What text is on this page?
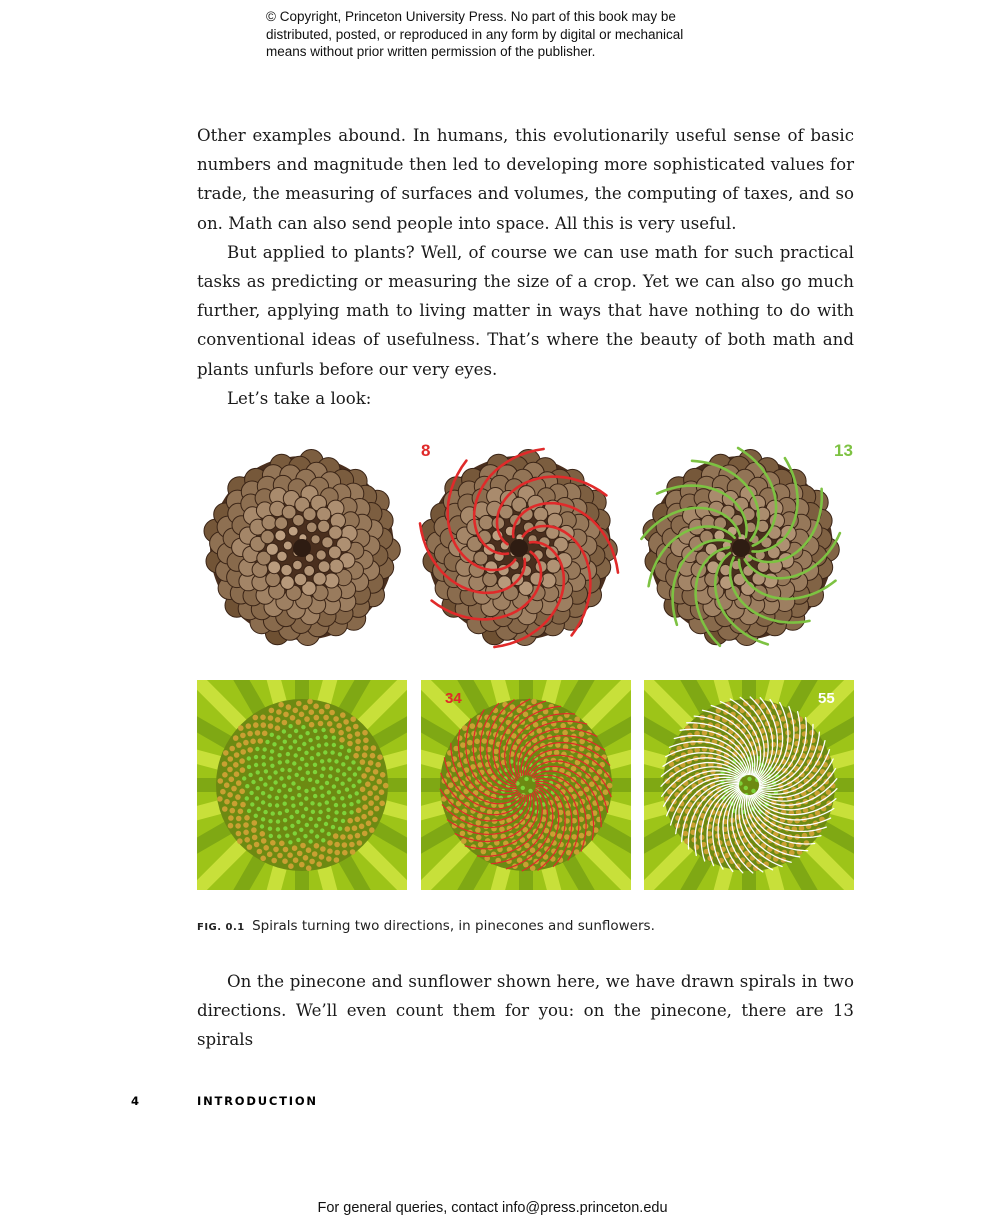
© Copyright, Princeton University Press. No part of this book may be
distributed, posted, or reproduced in any form by digital or mechanical
means without prior written permission of the publisher.

Other examples abound. In humans, this evolutionarily useful sense of basic numbers and magnitude then led to developing more sophisticated values for trade, the measuring of surfaces and volumes, the computing of taxes, and so on. Math can also send people into space. All this is very useful.

But applied to plants? Well, of course we can use math for such practical tasks as predicting or measuring the size of a crop. Yet we can also go much further, applying math to living matter in ways that have nothing to do with conventional ideas of usefulness. That’s where the beauty of both math and plants unfurls before our very eyes.

Let’s take a look:

8	13
34	55
FIG. 0.1 Spirals turning two directions, in pinecones and sunflowers.

On the pinecone and sunflower shown here, we have drawn spirals in two directions. We’ll even count them for you: on the pinecone, there are 13 spirals

4	INTRODUCTION
For general queries, contact info@press.princeton.edu
